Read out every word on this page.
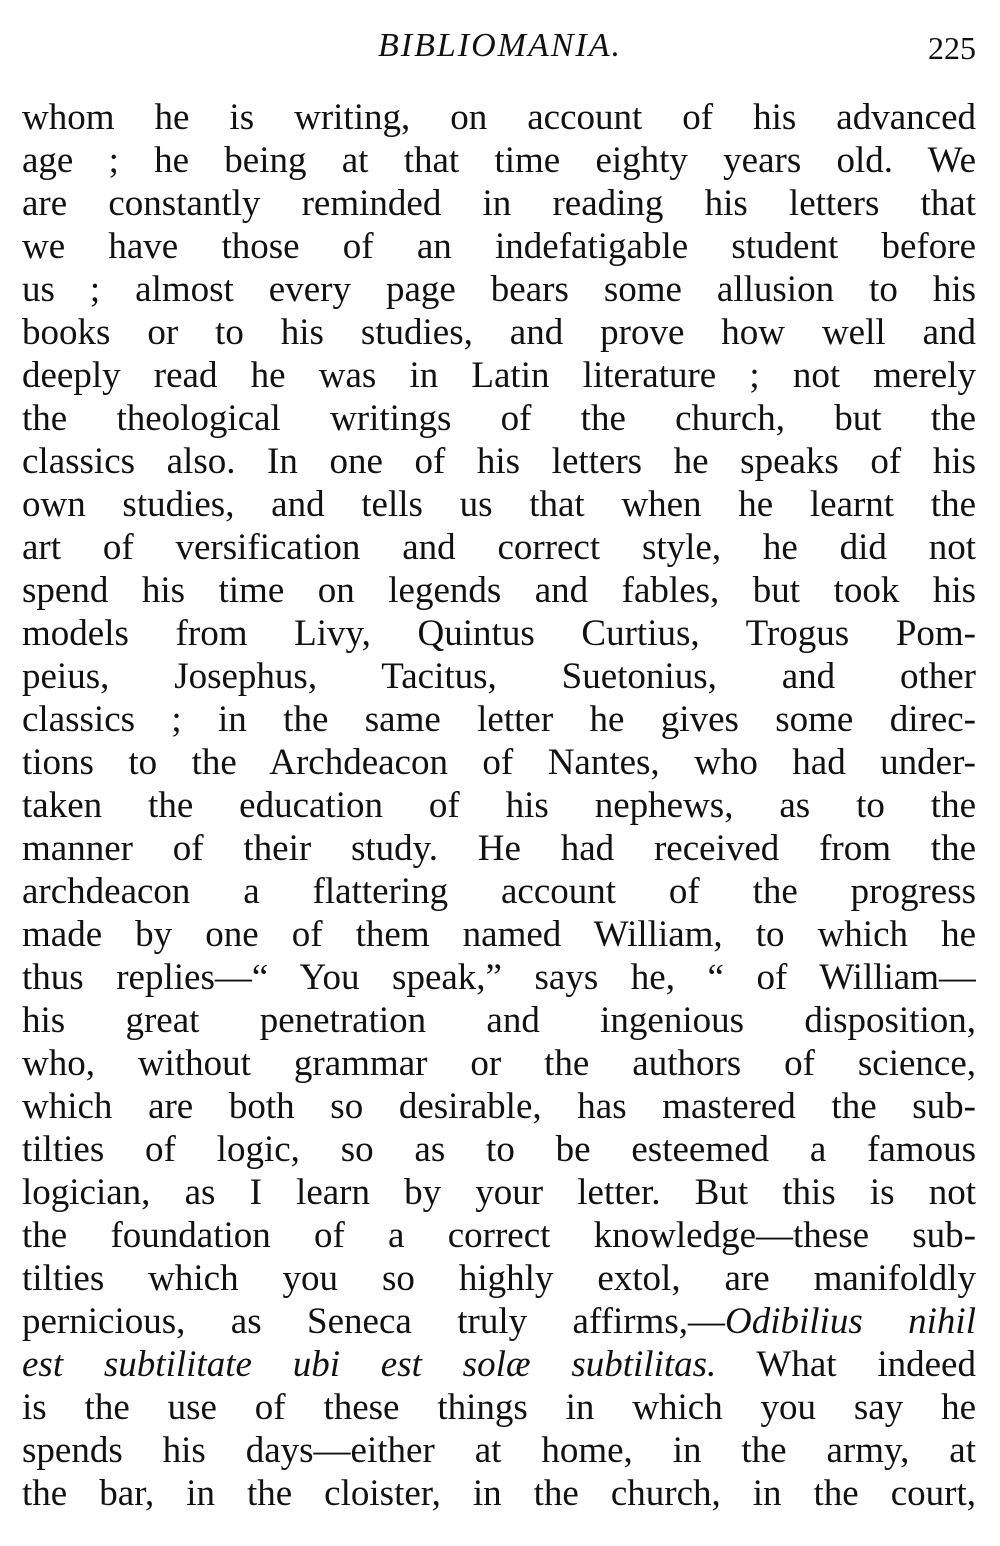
BIBLIOMANIA.	225
whom he is writing, on account of his advanced
age ; he being at that time eighty years old. We
are constantly reminded in reading his letters that
we have those of an indefatigable student before
us ; almost every page bears some allusion to his
books or to his studies, and prove how well and
deeply read he was in Latin literature ; not merely
the theological writings of the church, but the
classics also. In one of his letters he speaks of his
own studies, and tells us that when he learnt the
art of versification and correct style, he did not
spend his time on legends and fables, but took his
models from Livy, Quintus Curtius, Trogus Pom-
peius, Josephus, Tacitus, Suetonius, and other
classics ; in the same letter he gives some direc-
tions to the Archdeacon of Nantes, who had under-
taken the education of his nephews, as to the
manner of their study. He had received from the
archdeacon a flattering account of the progress
made by one of them named William, to which he
thus replies—“ You speak,” says he, “ of William—
his great penetration and ingenious disposition,
who, without grammar or the authors of science,
which are both so desirable, has mastered the sub-
tilties of logic, so as to be esteemed a famous
logician, as I learn by your letter. But this is not
the foundation of a correct knowledge—these sub-
tilties which you so highly extol, are manifoldly
pernicious, as Seneca truly affirms,—Odibilius nihil
est subtilitate ubi est solæ subtilitas. What indeed
is the use of these things in which you say he
spends his days—either at home, in the army, at
the bar, in the cloister, in the church, in the court,
